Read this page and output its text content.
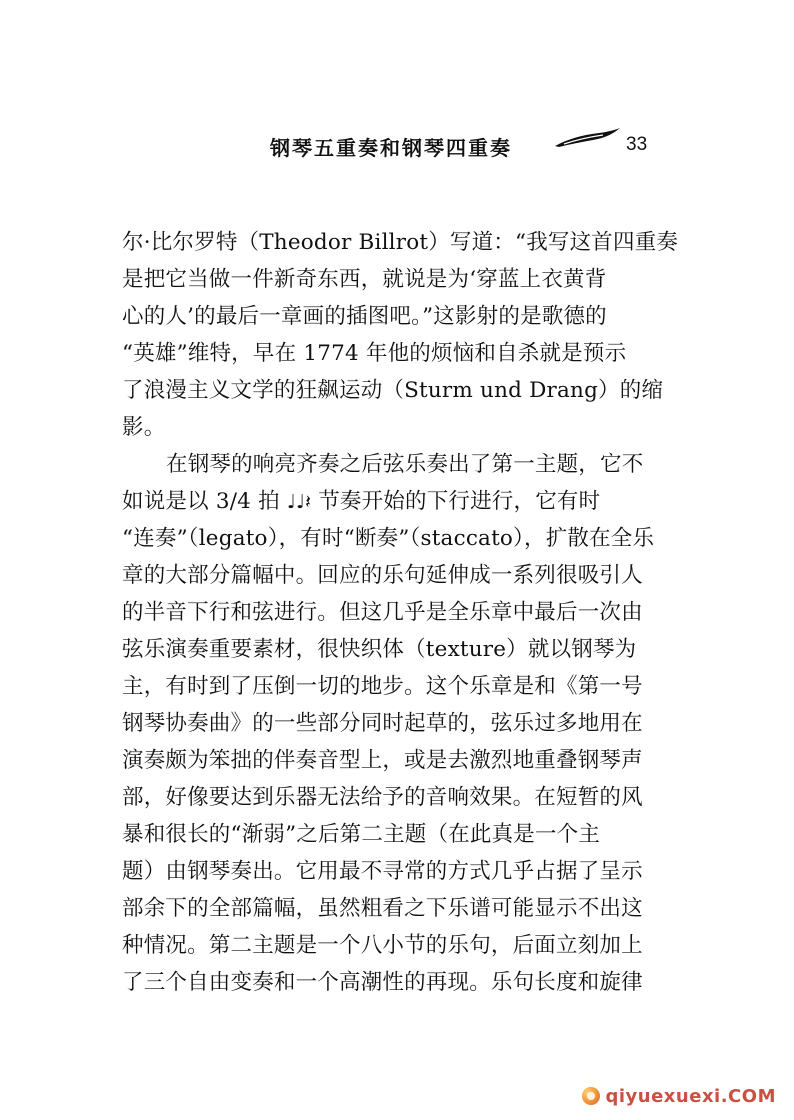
钢琴五重奏和钢琴四重奏	33
尔·比尔罗特（Theodor Billrot）写道：“我写这首四重奏
是把它当做一件新奇东西，就说是为‘穿蓝上衣黄背
心的人’的最后一章画的插图吧。”这影射的是歌德的
“英雄”维特，早在 1774 年他的烦恼和自杀就是预示
了浪漫主义文学的狂飙运动（Sturm und Drang）的缩
影。
在钢琴的响亮齐奏之后弦乐奏出了第一主题，它不
如说是以 3/4 拍 ♩♩𝄽 节奏开始的下行进行，它有时
“连奏”（legato），有时“断奏”（staccato），扩散在全乐
章的大部分篇幅中。回应的乐句延伸成一系列很吸引人
的半音下行和弦进行。但这几乎是全乐章中最后一次由
弦乐演奏重要素材，很快织体（texture）就以钢琴为
主，有时到了压倒一切的地步。这个乐章是和《第一号
钢琴协奏曲》的一些部分同时起草的，弦乐过多地用在
演奏颇为笨拙的伴奏音型上，或是去激烈地重叠钢琴声
部，好像要达到乐器无法给予的音响效果。在短暂的风
暴和很长的“渐弱”之后第二主题（在此真是一个主
题）由钢琴奏出。它用最不寻常的方式几乎占据了呈示
部余下的全部篇幅，虽然粗看之下乐谱可能显示不出这
种情况。第二主题是一个八小节的乐句，后面立刻加上
了三个自由变奏和一个高潮性的再现。乐句长度和旋律
qiyuexuexi.COM
